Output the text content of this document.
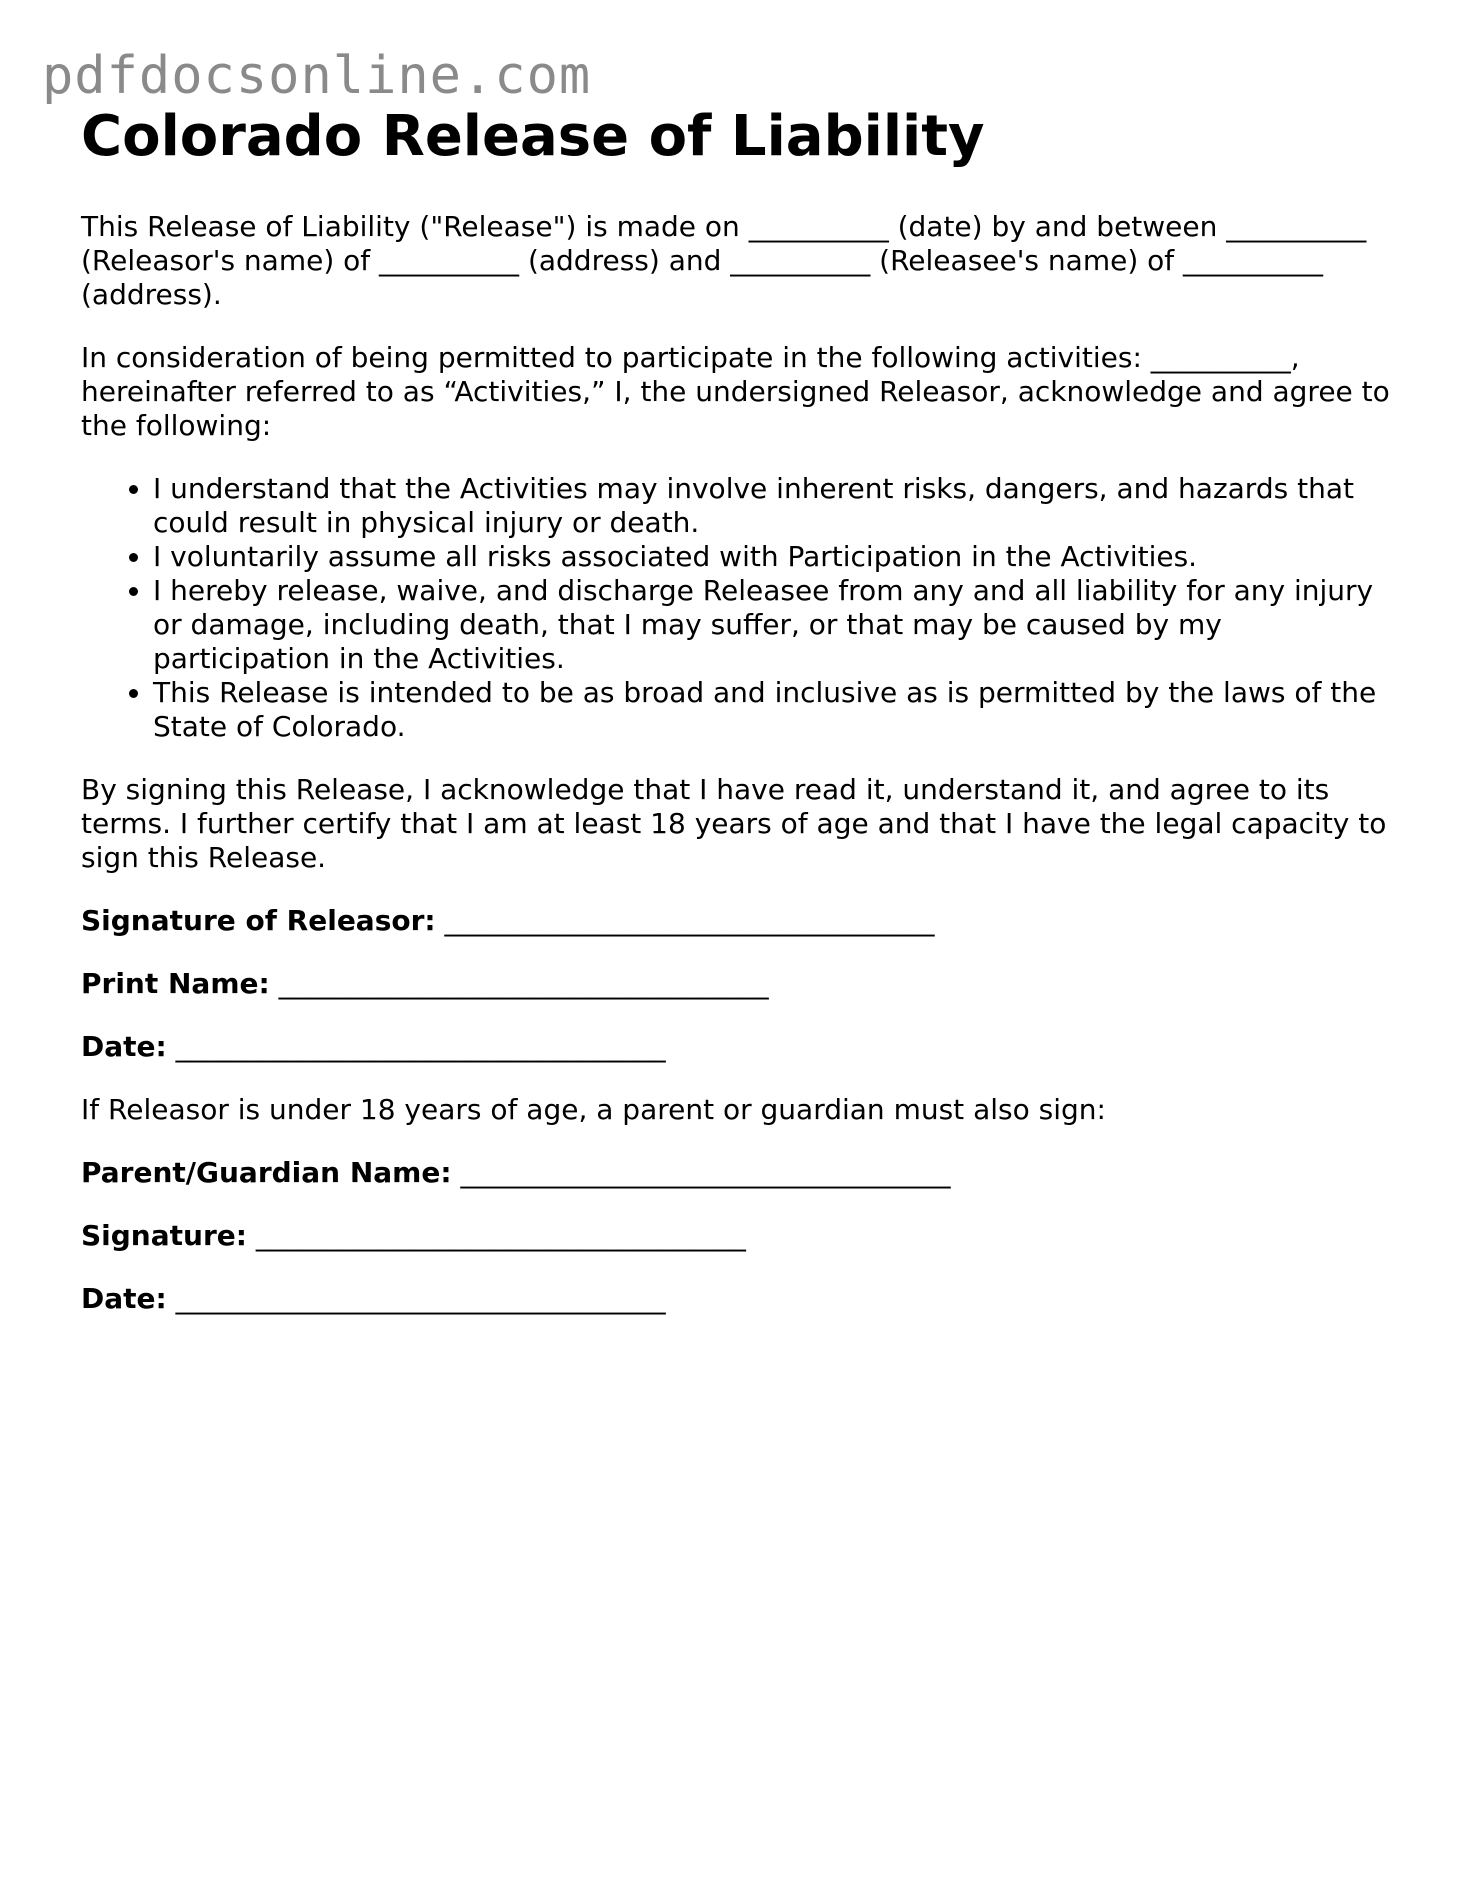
pdfdocsonline.com
Colorado Release of Liability

This Release of Liability ("Release") is made on __________ (date) by and between __________ (Releasor's name) of __________ (address) and __________ (Releasee's name) of __________ (address).

In consideration of being permitted to participate in the following activities: __________, hereinafter referred to as “Activities,” I, the undersigned Releasor, acknowledge and agree to the following:

• I understand that the Activities may involve inherent risks, dangers, and hazards that could result in physical injury or death.
• I voluntarily assume all risks associated with Participation in the Activities.
• I hereby release, waive, and discharge Releasee from any and all liability for any injury or damage, including death, that I may suffer, or that may be caused by my participation in the Activities.
• This Release is intended to be as broad and inclusive as is permitted by the laws of the State of Colorado.

By signing this Release, I acknowledge that I have read it, understand it, and agree to its terms. I further certify that I am at least 18 years of age and that I have the legal capacity to sign this Release.

Signature of Releasor: ___________________________________
Print Name: ___________________________________
Date: ___________________________________

If Releasor is under 18 years of age, a parent or guardian must also sign:

Parent/Guardian Name: ___________________________________
Signature: ___________________________________
Date: ___________________________________
